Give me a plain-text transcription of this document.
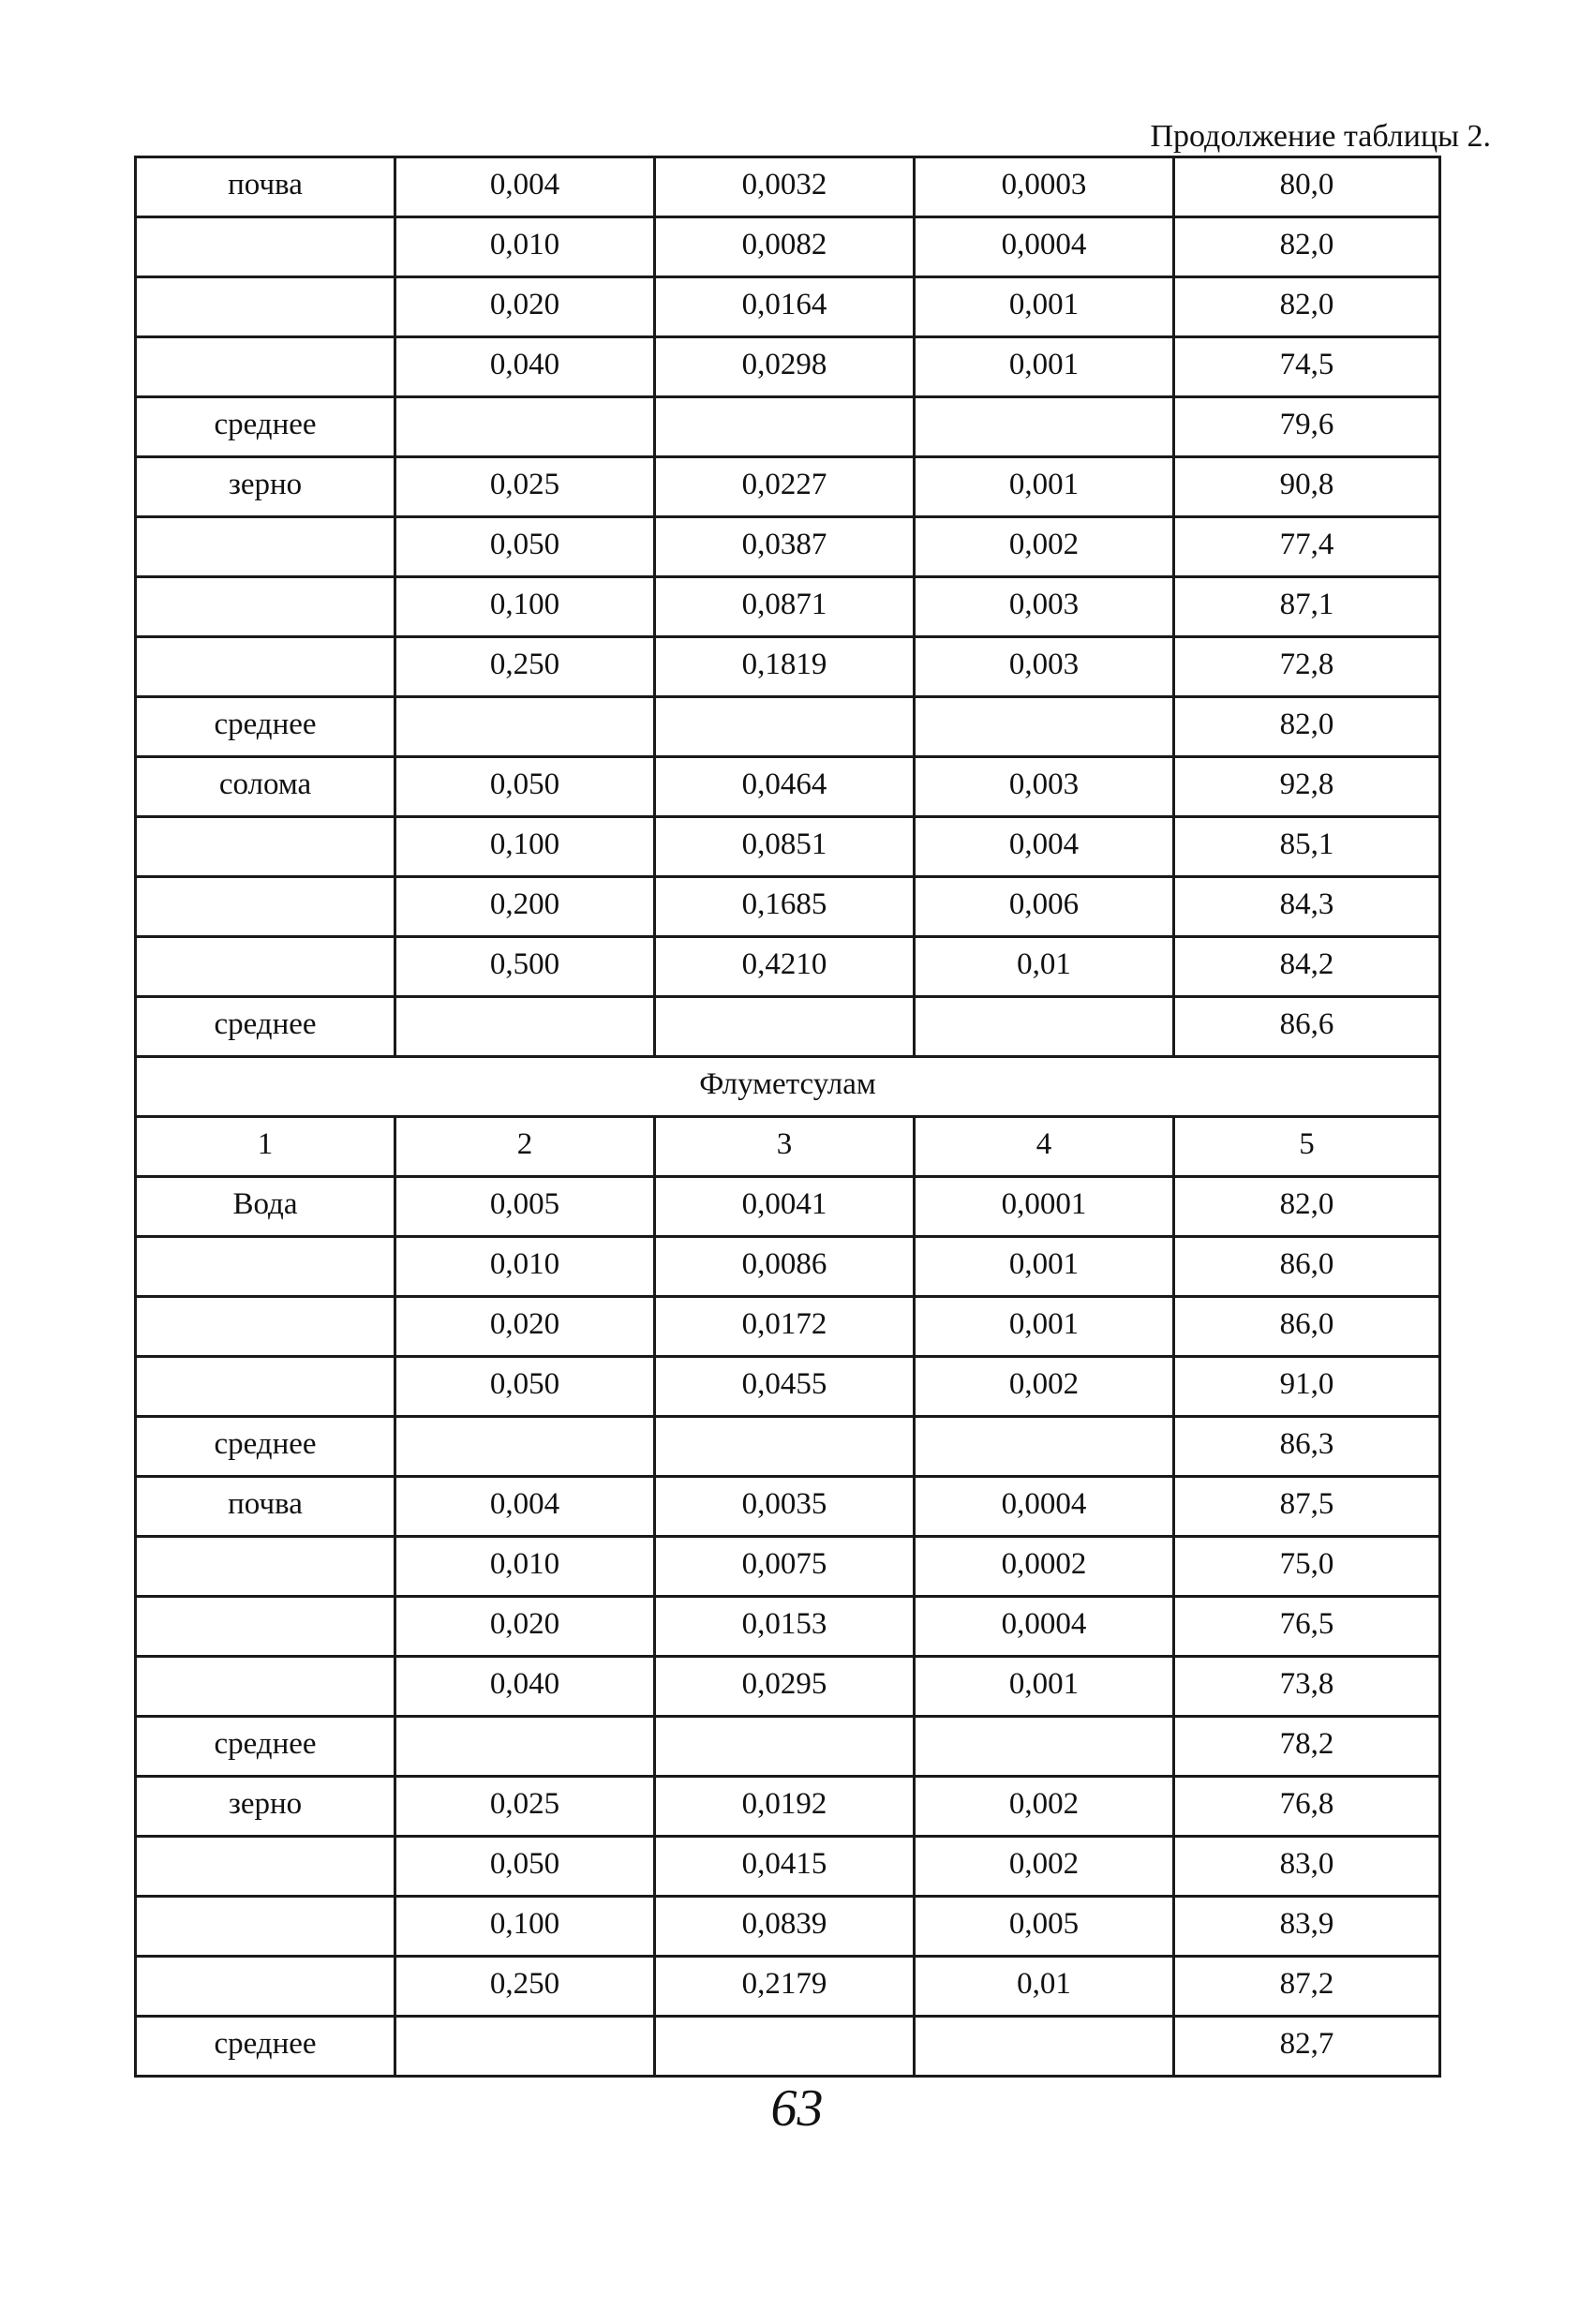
Продолжение таблицы 2.
почва	0,004	0,0032	0,0003	80,0
	0,010	0,0082	0,0004	82,0
	0,020	0,0164	0,001	82,0
	0,040	0,0298	0,001	74,5
среднее				79,6
зерно	0,025	0,0227	0,001	90,8
	0,050	0,0387	0,002	77,4
	0,100	0,0871	0,003	87,1
	0,250	0,1819	0,003	72,8
среднее				82,0
солома	0,050	0,0464	0,003	92,8
	0,100	0,0851	0,004	85,1
	0,200	0,1685	0,006	84,3
	0,500	0,4210	0,01	84,2
среднее				86,6
Флуметсулам				
1	2	3	4	5
Вода	0,005	0,0041	0,0001	82,0
	0,010	0,0086	0,001	86,0
	0,020	0,0172	0,001	86,0
	0,050	0,0455	0,002	91,0
среднее				86,3
почва	0,004	0,0035	0,0004	87,5
	0,010	0,0075	0,0002	75,0
	0,020	0,0153	0,0004	76,5
	0,040	0,0295	0,001	73,8
среднее				78,2
зерно	0,025	0,0192	0,002	76,8
	0,050	0,0415	0,002	83,0
	0,100	0,0839	0,005	83,9
	0,250	0,2179	0,01	87,2
среднее				82,7
63
